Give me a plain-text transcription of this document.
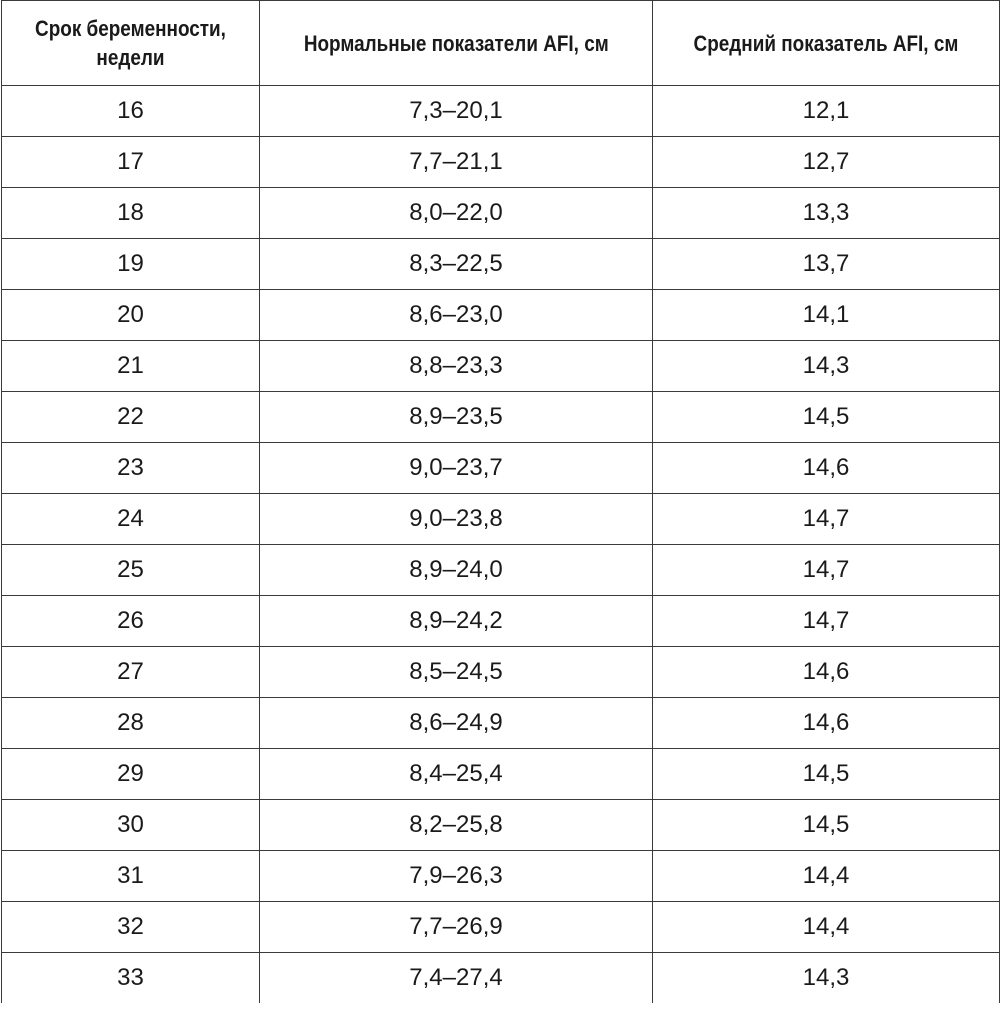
Срок беременности, недели	Нормальные показатели AFI, см	Средний показатель AFI, см
16	7,3–20,1	12,1
17	7,7–21,1	12,7
18	8,0–22,0	13,3
19	8,3–22,5	13,7
20	8,6–23,0	14,1
21	8,8–23,3	14,3
22	8,9–23,5	14,5
23	9,0–23,7	14,6
24	9,0–23,8	14,7
25	8,9–24,0	14,7
26	8,9–24,2	14,7
27	8,5–24,5	14,6
28	8,6–24,9	14,6
29	8,4–25,4	14,5
30	8,2–25,8	14,5
31	7,9–26,3	14,4
32	7,7–26,9	14,4
33	7,4–27,4	14,3
